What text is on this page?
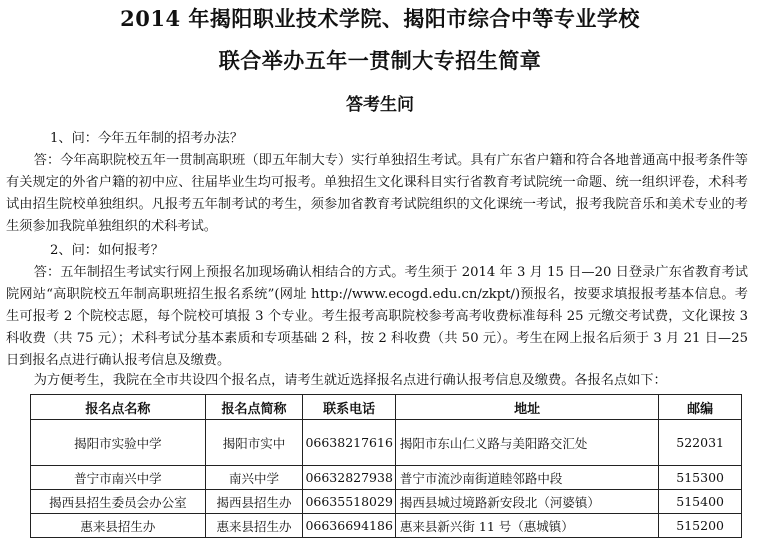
2014 年揭阳职业技术学院、揭阳市综合中等专业学校
联合举办五年一贯制大专招生简章
答考生问
1、问：今年五年制的招考办法？
答：今年高职院校五年一贯制高职班（即五年制大专）实行单独招生考试。具有广东省户籍和符合各地普通高中报考条件等有关规定的外省户籍的初中应、往届毕业生均可报考。单独招生文化课科目实行省教育考试院统一命题、统一组织评卷，术科考试由招生院校单独组织。凡报考五年制考试的考生，须参加省教育考试院组织的文化课统一考试，报考我院音乐和美术专业的考生须参加我院单独组织的术科考试。
2、问：如何报考？
答：五年制招生考试实行网上预报名加现场确认相结合的方式。考生须于 2014 年 3 月 15 日—20 日登录广东省教育考试院网站“高职院校五年制高职班招生报名系统”(网址 http://www.ecogd.edu.cn/zkpt/)预报名，按要求填报报考基本信息。考生可报考 2 个院校志愿，每个院校可填报 3 个专业。考生报考高职院校参考高考收费标准每科 25 元缴交考试费，文化课按 3 科收费（共 75 元）；术科考试分基本素质和专项基础 2 科，按 2 科收费（共 50 元）。考生在网上报名后须于 3 月 21 日—25 日到报名点进行确认报考信息及缴费。
为方便考生，我院在全市共设四个报名点，请考生就近选择报名点进行确认报考信息及缴费。各报名点如下：
报名点名称	报名点简称	联系电话	地址	邮编
揭阳市实验中学	揭阳市实中	06638217616	揭阳市东山仁义路与美阳路交汇处	522031
普宁市南兴中学	南兴中学	06632827938	普宁市流沙南街道睦邻路中段	515300
揭西县招生委员会办公室	揭西县招生办	06635518029	揭西县城过境路新安段北（河婆镇）	515400
惠来县招生办	惠来县招生办	06636694186	惠来县新兴街 11 号（惠城镇）	515200
